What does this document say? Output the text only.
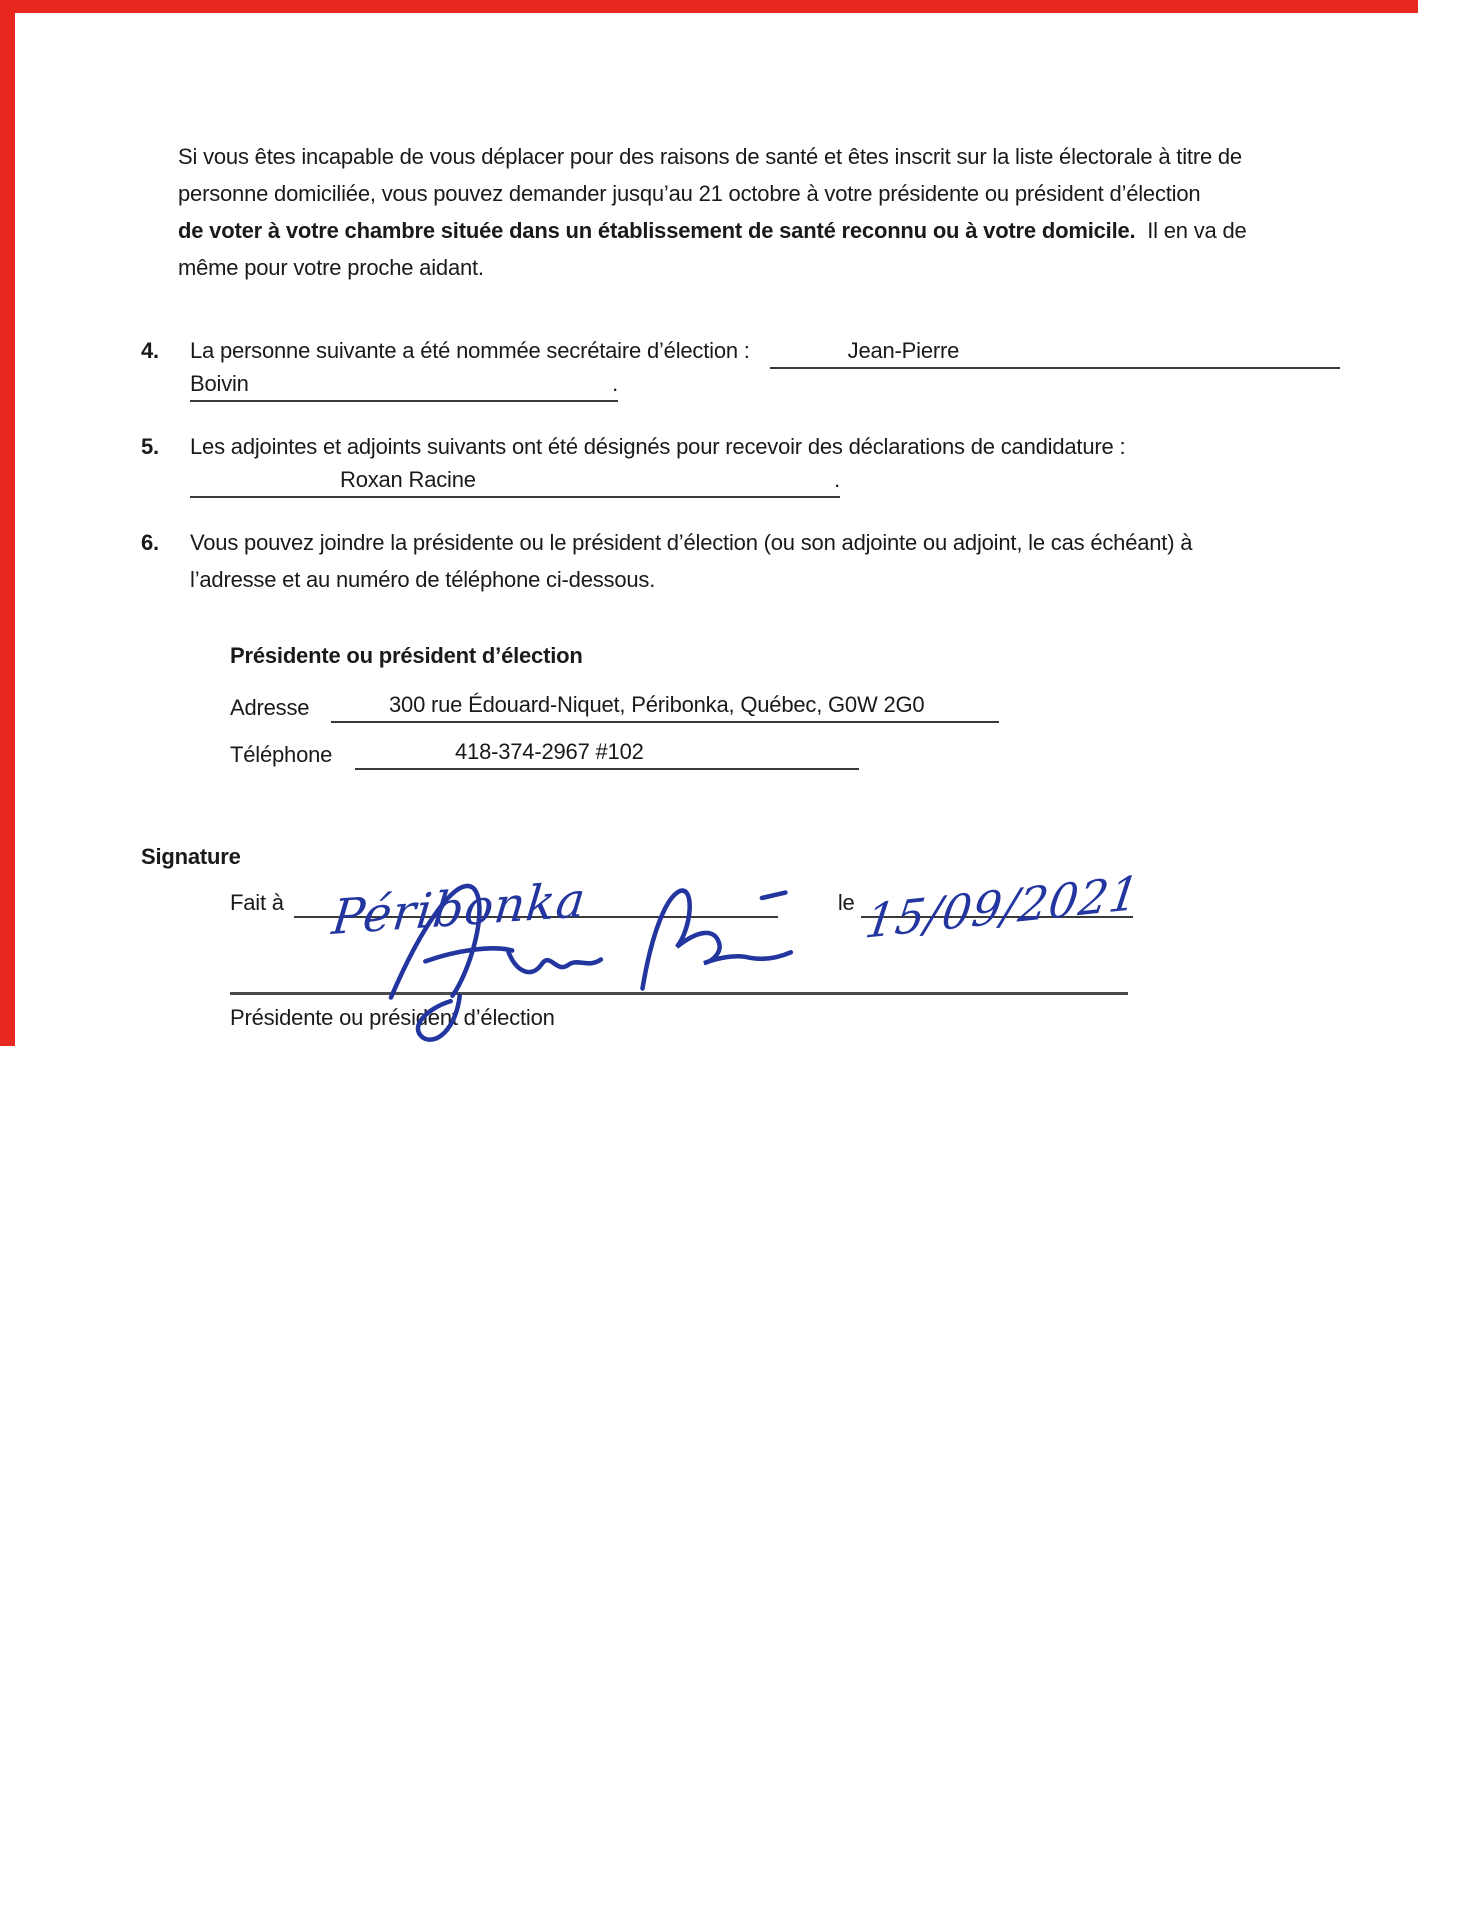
Si vous êtes incapable de vous déplacer pour des raisons de santé et êtes inscrit sur la liste électorale à titre de
personne domiciliée, vous pouvez demander jusqu’au 21 octobre à votre présidente ou président d’élection
de voter à votre chambre située dans un établissement de santé reconnu ou à votre domicile.  Il en va de
même pour votre proche aidant.
4.	La personne suivante a été nommée secrétaire d’élection :	Jean-Pierre
Boivin	.
5.	Les adjointes et adjoints suivants ont été désignés pour recevoir des déclarations de candidature :
Roxan Racine	.
6.	Vous pouvez joindre la présidente ou le président d’élection (ou son adjointe ou adjoint, le cas échéant) à
l’adresse et au numéro de téléphone ci-dessous.
Présidente ou président d’élection
Adresse	300 rue Édouard-Niquet, Péribonka, Québec, G0W 2G0
Téléphone	418-374-2967 #102
Signature
Fait à Péribonka	le 15/09/2021
Présidente ou président d’élection
